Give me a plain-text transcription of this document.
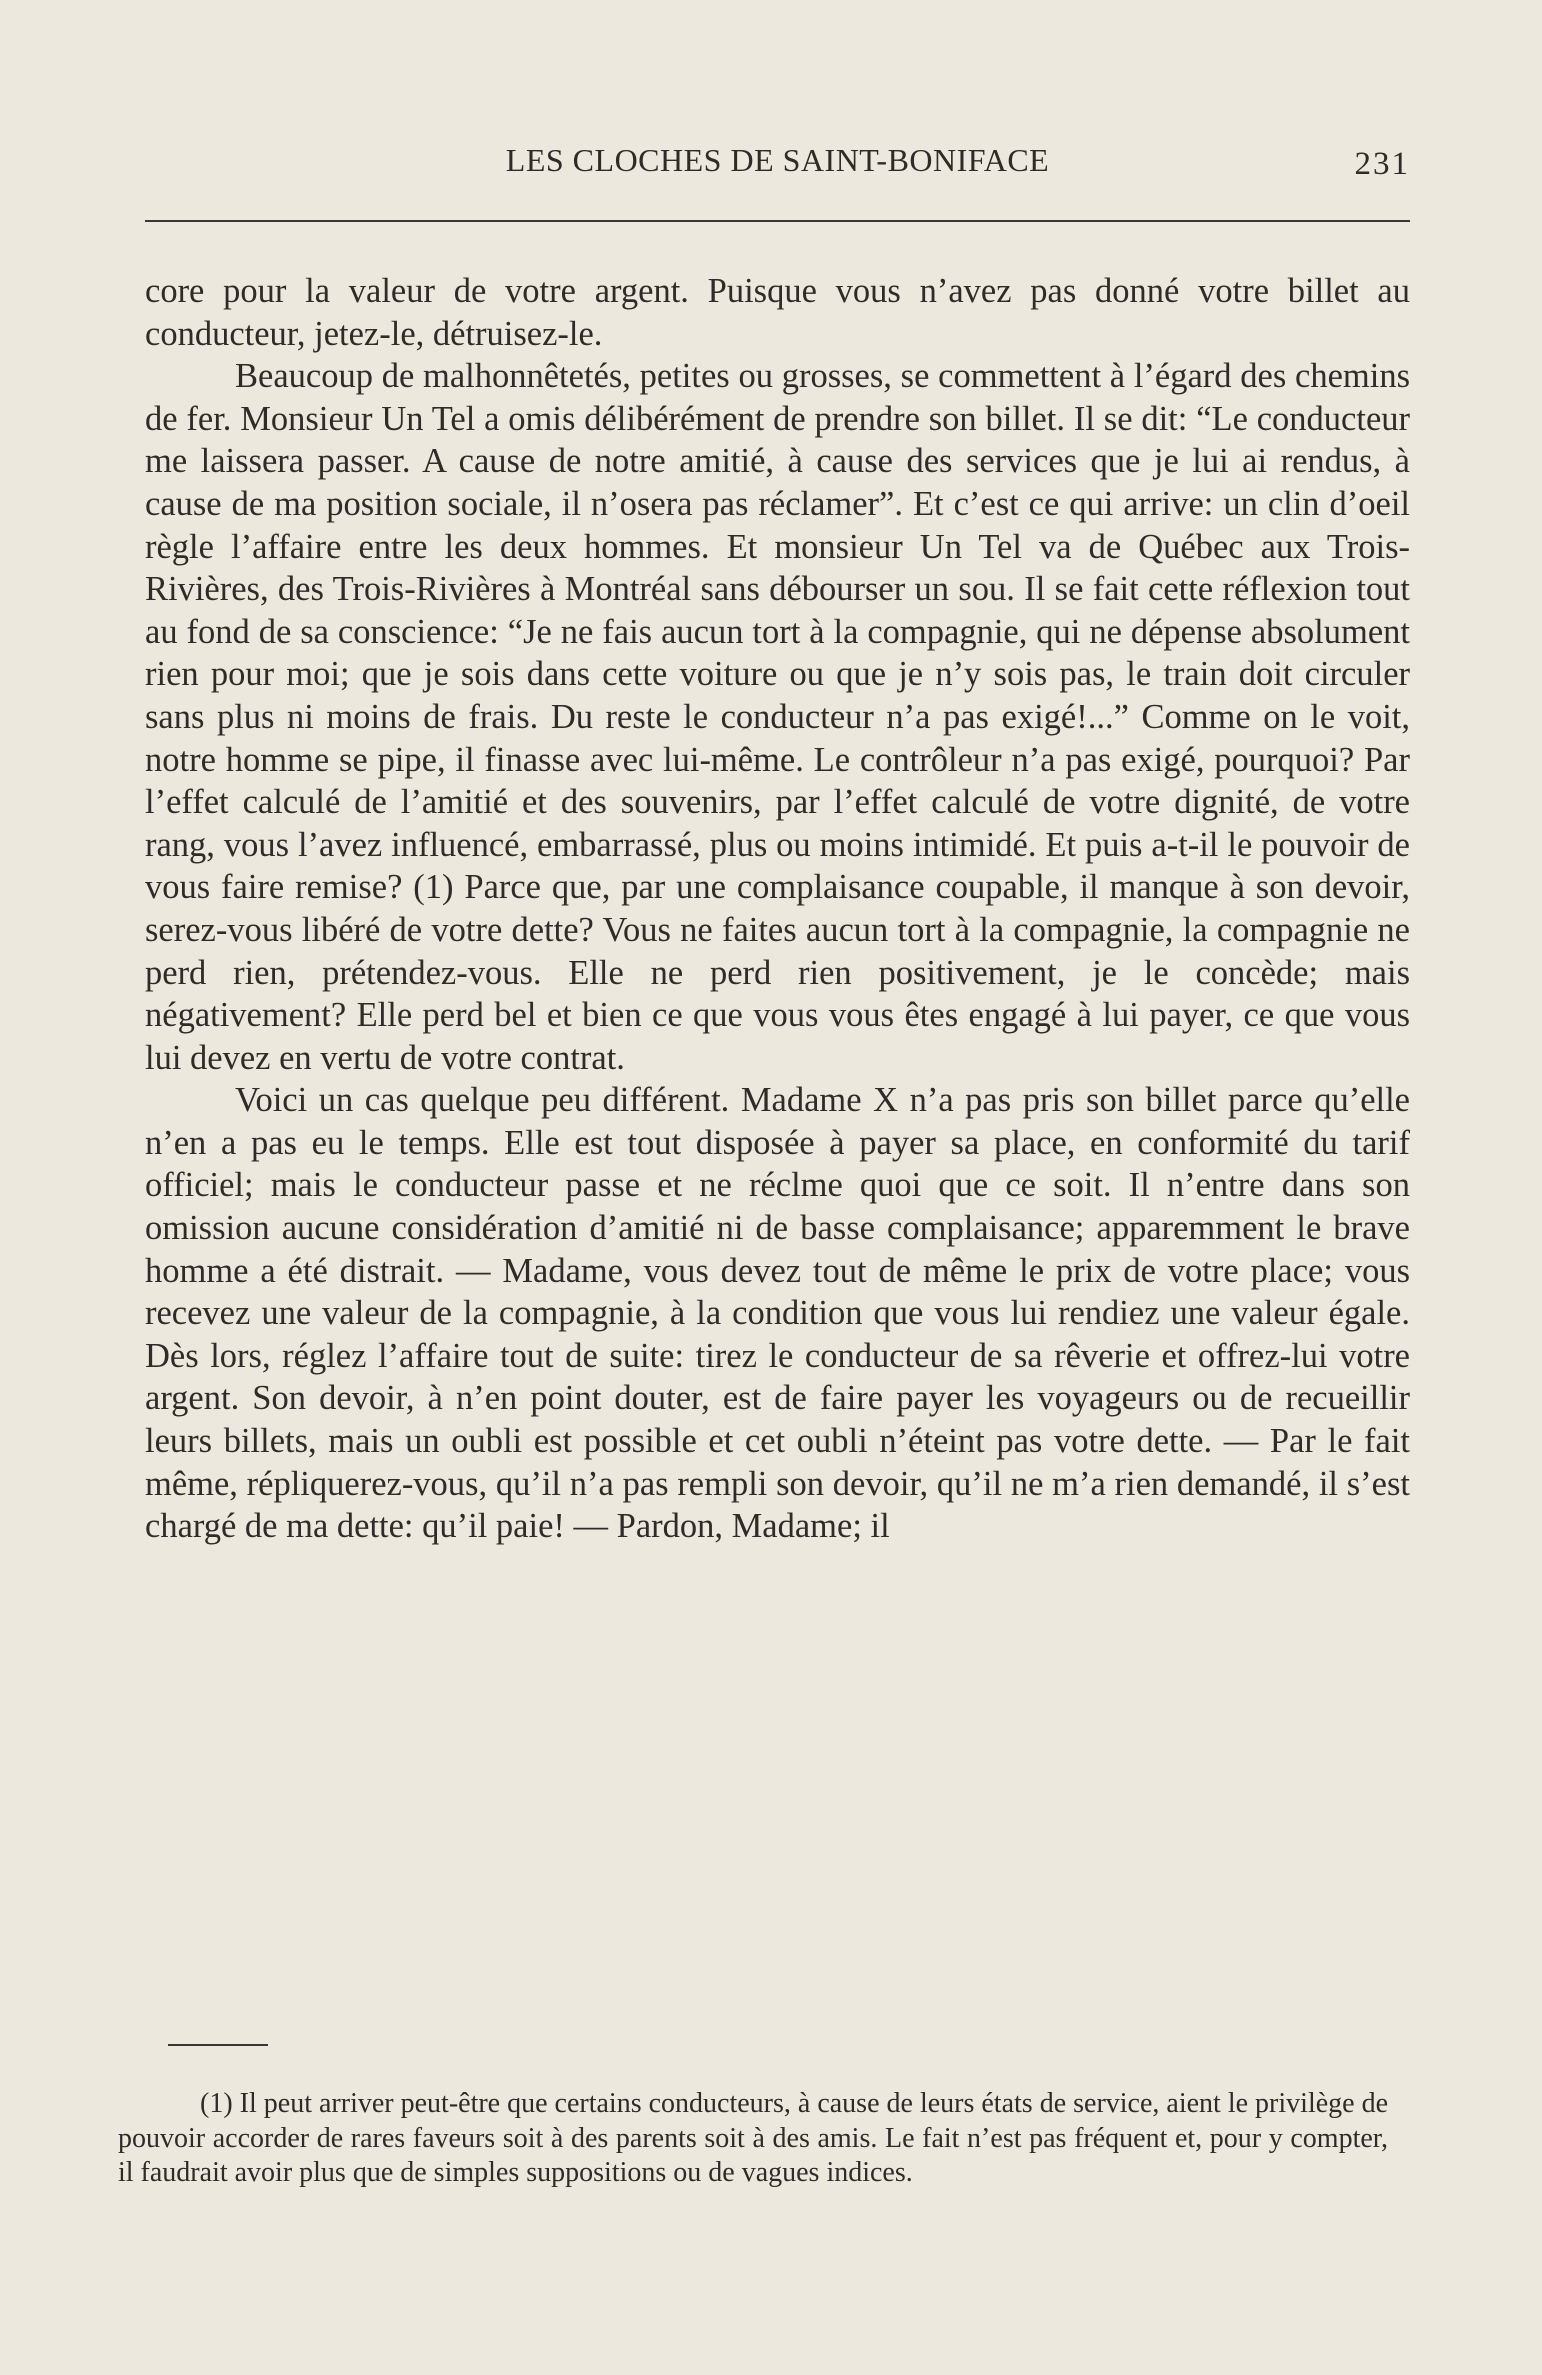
LES CLOCHES DE SAINT-BONIFACE	231

core pour la valeur de votre argent. Puisque vous n’avez pas donné votre billet au conducteur, jetez-le, détruisez-le.

Beaucoup de malhonnêtetés, petites ou grosses, se commettent à l’égard des chemins de fer. Monsieur Un Tel a omis délibérément de prendre son billet. Il se dit: “Le conducteur me laissera passer. A cause de notre amitié, à cause des services que je lui ai rendus, à cause de ma position sociale, il n’osera pas réclamer”. Et c’est ce qui arrive: un clin d’oeil règle l’affaire entre les deux hommes. Et monsieur Un Tel va de Québec aux Trois-Rivières, des Trois-Rivières à Montréal sans débourser un sou. Il se fait cette réflexion tout au fond de sa conscience: “Je ne fais aucun tort à la compagnie, qui ne dépense absolument rien pour moi; que je sois dans cette voiture ou que je n’y sois pas, le train doit circuler sans plus ni moins de frais. Du reste le conducteur n’a pas exigé!...” Comme on le voit, notre homme se pipe, il finasse avec lui-même. Le contrôleur n’a pas exigé, pourquoi? Par l’effet calculé de l’amitié et des souvenirs, par l’effet calculé de votre dignité, de votre rang, vous l’avez influencé, embarrassé, plus ou moins intimidé. Et puis a-t-il le pouvoir de vous faire remise? (1) Parce que, par une complaisance coupable, il manque à son devoir, serez-vous libéré de votre dette? Vous ne faites aucun tort à la compagnie, la compagnie ne perd rien, prétendez-vous. Elle ne perd rien positivement, je le concède; mais négativement? Elle perd bel et bien ce que vous vous êtes engagé à lui payer, ce que vous lui devez en vertu de votre contrat.

Voici un cas quelque peu différent. Madame X n’a pas pris son billet parce qu’elle n’en a pas eu le temps. Elle est tout disposée à payer sa place, en conformité du tarif officiel; mais le conducteur passe et ne réclme quoi que ce soit. Il n’entre dans son omission aucune considération d’amitié ni de basse complaisance; apparemment le brave homme a été distrait. — Madame, vous devez tout de même le prix de votre place; vous recevez une valeur de la compagnie, à la condition que vous lui rendiez une valeur égale. Dès lors, réglez l’affaire tout de suite: tirez le conducteur de sa rêverie et offrez-lui votre argent. Son devoir, à n’en point douter, est de faire payer les voyageurs ou de recueillir leurs billets, mais un oubli est possible et cet oubli n’éteint pas votre dette. — Par le fait même, répliquerez-vous, qu’il n’a pas rempli son devoir, qu’il ne m’a rien demandé, il s’est chargé de ma dette: qu’il paie! — Pardon, Madame; il

(1) Il peut arriver peut-être que certains conducteurs, à cause de leurs états de service, aient le privilège de pouvoir accorder de rares faveurs soit à des parents soit à des amis. Le fait n’est pas fréquent et, pour y compter, il faudrait avoir plus que de simples suppositions ou de vagues indices.
